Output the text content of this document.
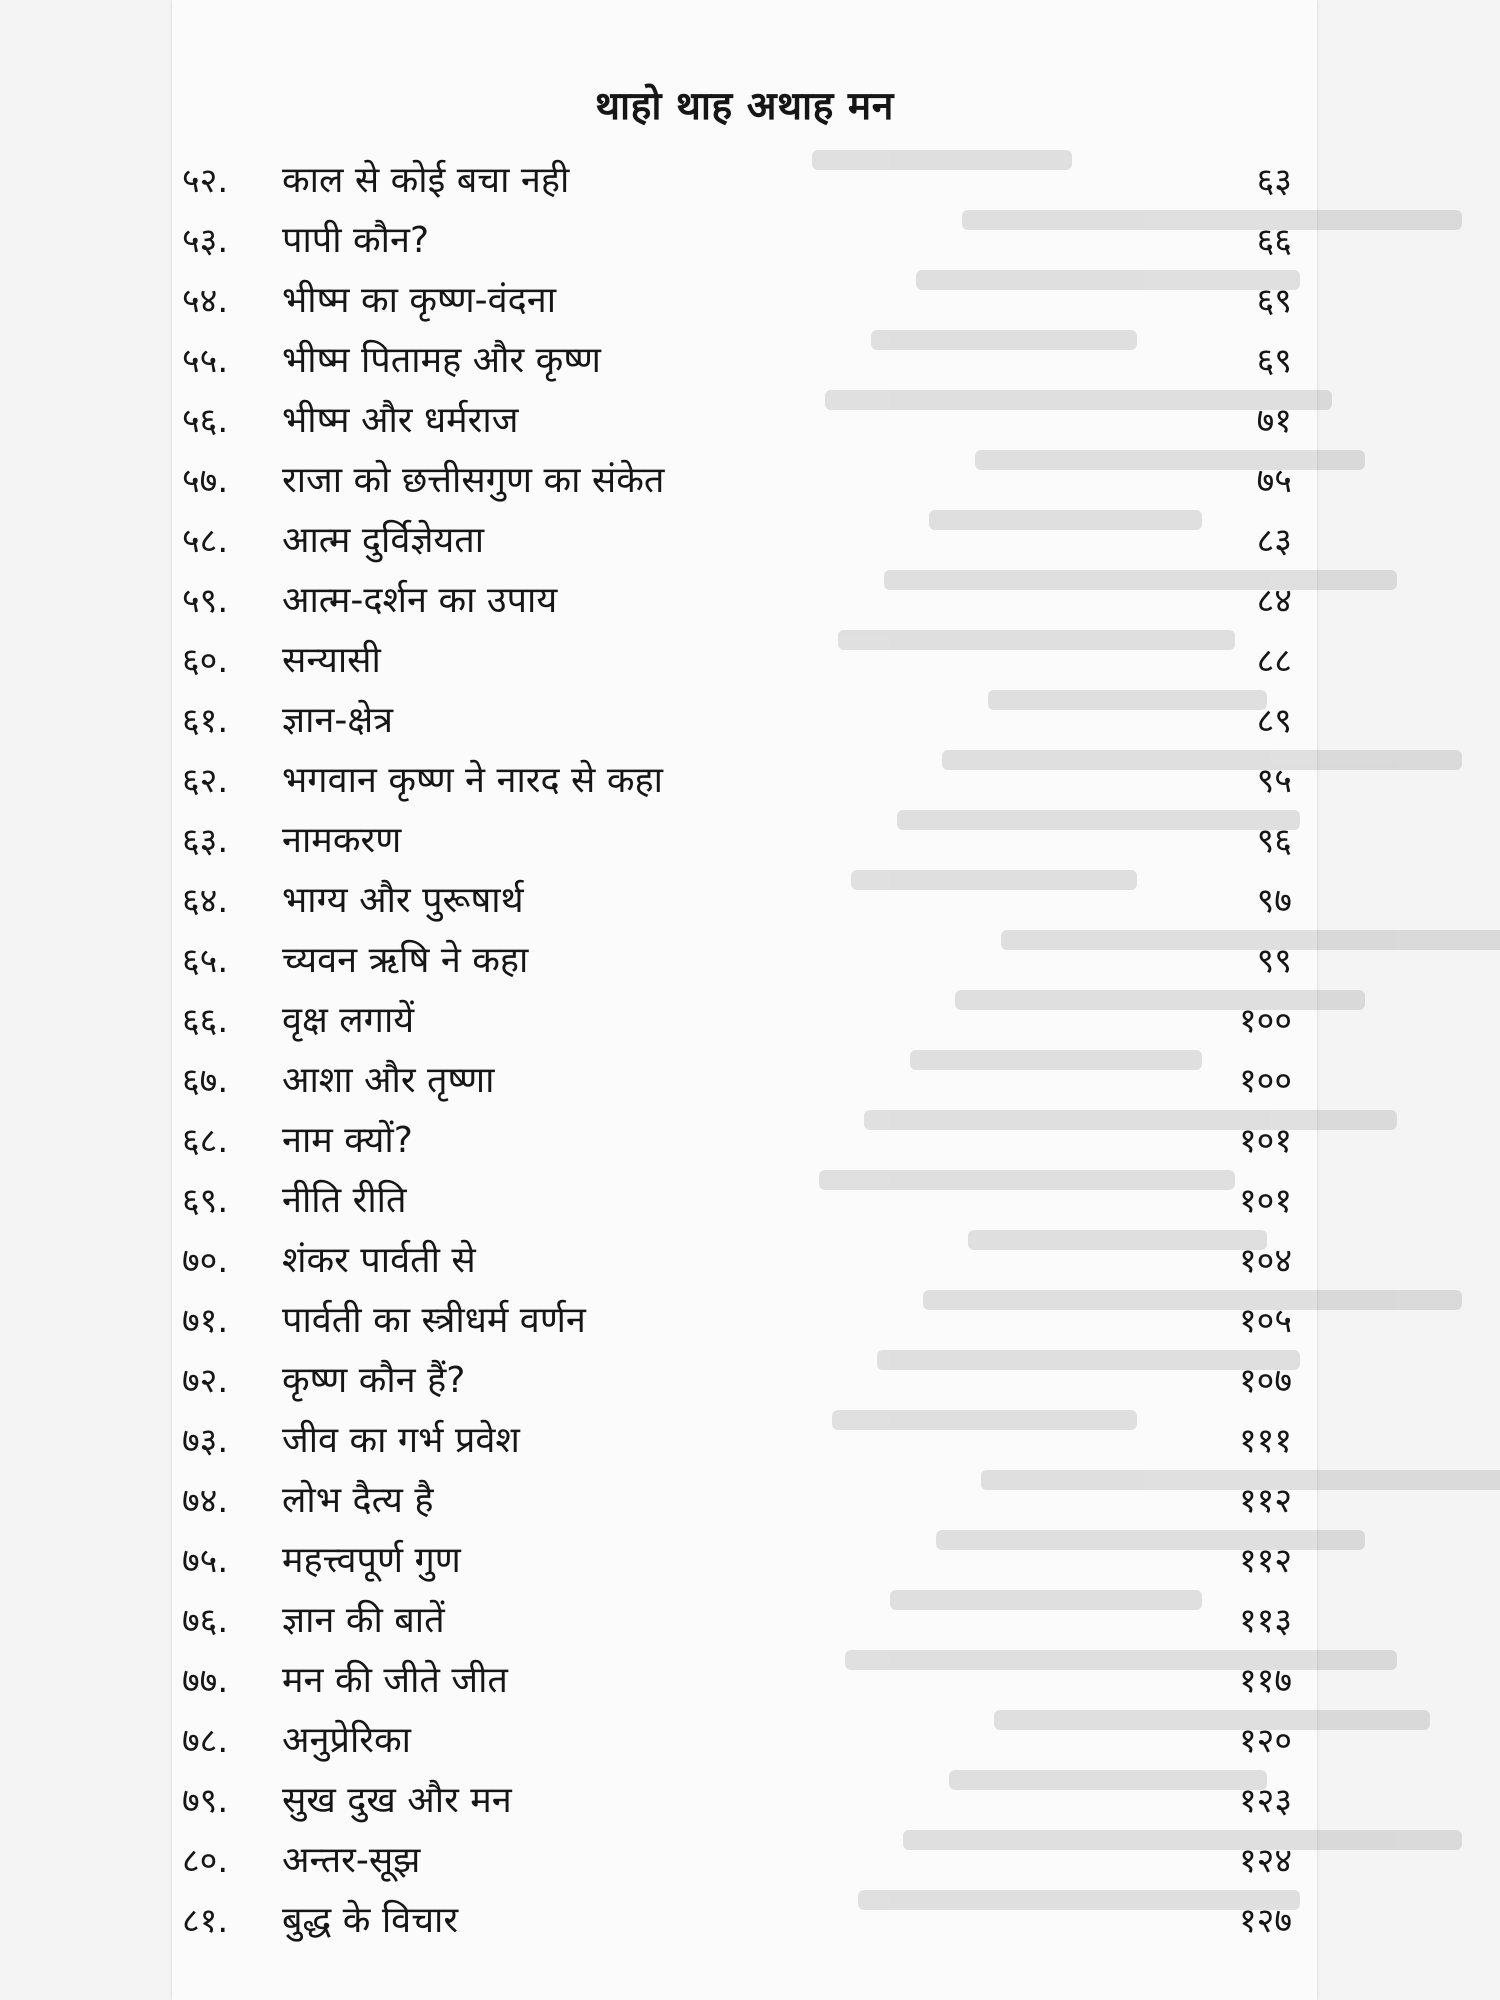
थाहो थाह अथाह मन
५२. काल से कोई बचा नही	६३
५३. पापी कौन?	६६
५४. भीष्म का कृष्ण-वंदना	६९
५५. भीष्म पितामह और कृष्ण	६९
५६. भीष्म और धर्मराज	७१
५७. राजा को छत्तीसगुण का संकेत	७५
५८. आत्म दुर्विज्ञेयता	८३
५९. आत्म-दर्शन का उपाय	८४
६०. सन्यासी	८८
६१. ज्ञान-क्षेत्र	८९
६२. भगवान कृष्ण ने नारद से कहा	९५
६३. नामकरण	९६
६४. भाग्य और पुरूषार्थ	९७
६५. च्यवन ऋषि ने कहा	९९
६६. वृक्ष लगायें	१००
६७. आशा और तृष्णा	१००
६८. नाम क्यों?	१०१
६९. नीति रीति	१०१
७०. शंकर पार्वती से	१०४
७१. पार्वती का स्त्रीधर्म वर्णन	१०५
७२. कृष्ण कौन हैं?	१०७
७३. जीव का गर्भ प्रवेश	१११
७४. लोभ दैत्य है	११२
७५. महत्त्वपूर्ण गुण	११२
७६. ज्ञान की बातें	११३
७७. मन की जीते जीत	११७
७८. अनुप्रेरिका	१२०
७९. सुख दुख और मन	१२३
८०. अन्तर-सूझ	१२४
८१. बुद्ध के विचार	१२७
